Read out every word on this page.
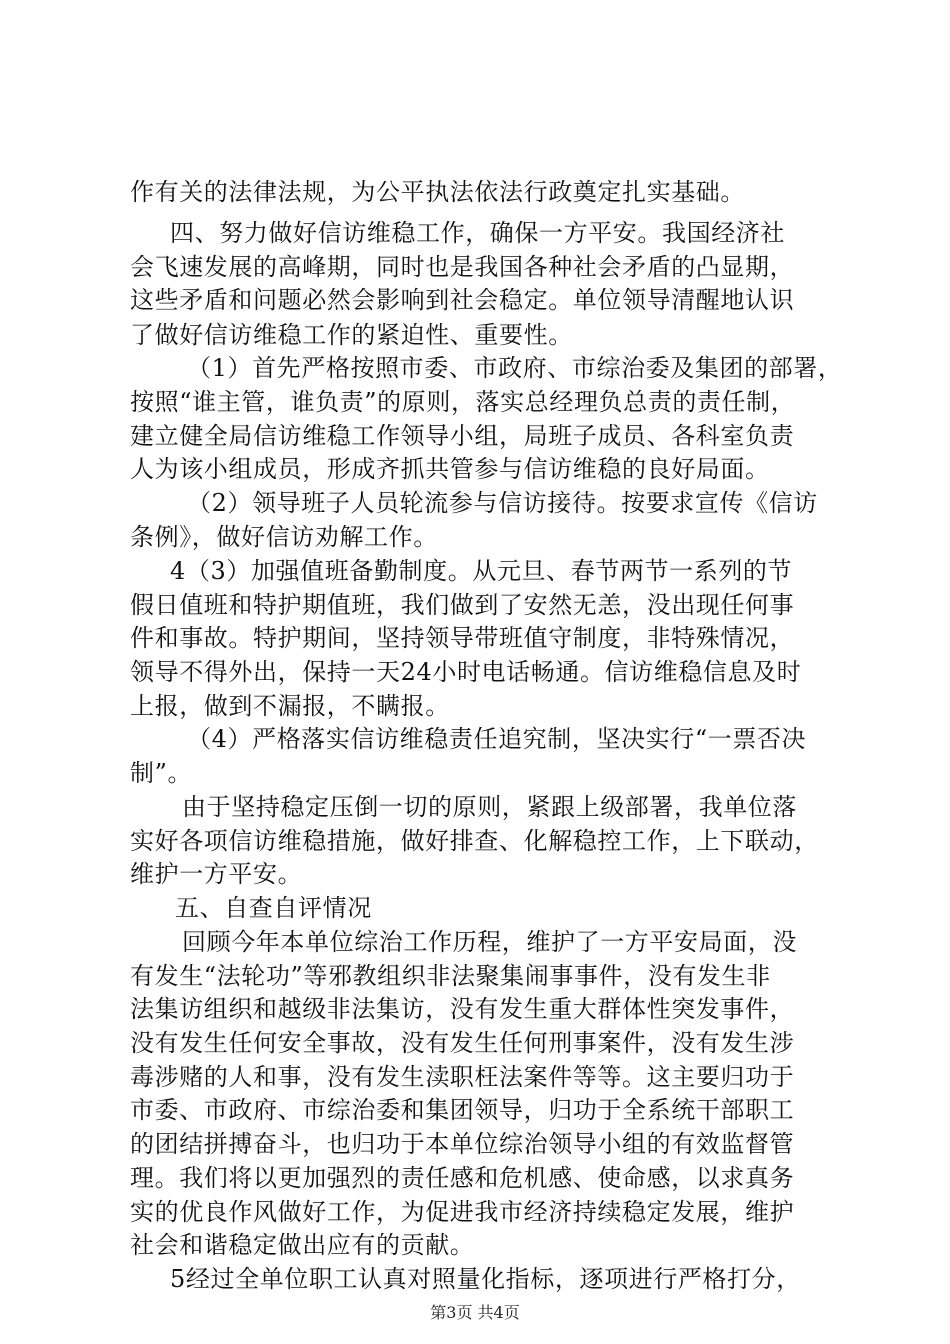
作有关的法律法规，为公平执法依法行政奠定扎实基础。
四、努力做好信访维稳工作，确保一方平安。我国经济社
会飞速发展的高峰期，同时也是我国各种社会矛盾的凸显期，
这些矛盾和问题必然会影响到社会稳定。单位领导清醒地认识
了做好信访维稳工作的紧迫性、重要性。
（1）首先严格按照市委、市政府、市综治委及集团的部署，
按照“谁主管，谁负责”的原则，落实总经理负总责的责任制，
建立健全局信访维稳工作领导小组，局班子成员、各科室负责
人为该小组成员，形成齐抓共管参与信访维稳的良好局面。
（2）领导班子人员轮流参与信访接待。按要求宣传《信访
条例》，做好信访劝解工作。
4（3）加强值班备勤制度。从元旦、春节两节一系列的节
假日值班和特护期值班，我们做到了安然无恙，没出现任何事
件和事故。特护期间，坚持领导带班值守制度，非特殊情况，
领导不得外出，保持一天24小时电话畅通。信访维稳信息及时
上报，做到不漏报，不瞒报。
（4）严格落实信访维稳责任追究制，坚决实行“一票否决
制”。
由于坚持稳定压倒一切的原则，紧跟上级部署，我单位落
实好各项信访维稳措施，做好排查、化解稳控工作，上下联动，
维护一方平安。
五、自查自评情况
回顾今年本单位综治工作历程，维护了一方平安局面，没
有发生“法轮功”等邪教组织非法聚集闹事事件，没有发生非
法集访组织和越级非法集访，没有发生重大群体性突发事件，
没有发生任何安全事故，没有发生任何刑事案件，没有发生涉
毒涉赌的人和事，没有发生渎职枉法案件等等。这主要归功于
市委、市政府、市综治委和集团领导，归功于全系统干部职工
的团结拼搏奋斗，也归功于本单位综治领导小组的有效监督管
理。我们将以更加强烈的责任感和危机感、使命感，以求真务
实的优良作风做好工作，为促进我市经济持续稳定发展，维护
社会和谐稳定做出应有的贡献。
5经过全单位职工认真对照量化指标，逐项进行严格打分，
第3页 共4页
